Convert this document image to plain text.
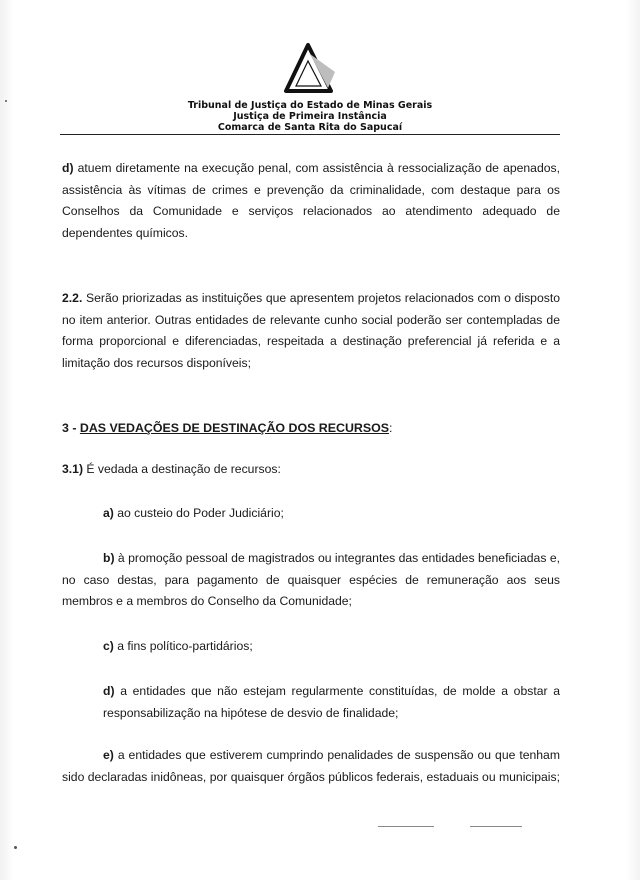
Tribunal de Justiça do Estado de Minas Gerais
Justiça de Primeira Instância
Comarca de Santa Rita do Sapucaí

d) atuem diretamente na execução penal, com assistência à ressocialização de apenados, assistência às vítimas de crimes e prevenção da criminalidade, com destaque para os Conselhos da Comunidade e serviços relacionados ao atendimento adequado de dependentes químicos.

2.2. Serão priorizadas as instituições que apresentem projetos relacionados com o disposto no item anterior. Outras entidades de relevante cunho social poderão ser contempladas de forma proporcional e diferenciadas, respeitada a destinação preferencial já referida e a limitação dos recursos disponíveis;

3 - DAS VEDAÇÕES DE DESTINAÇÃO DOS RECURSOS:

3.1) É vedada a destinação de recursos:

a) ao custeio do Poder Judiciário;

b) à promoção pessoal de magistrados ou integrantes das entidades beneficiadas e, no caso destas, para pagamento de quaisquer espécies de remuneração aos seus membros e a membros do Conselho da Comunidade;

c) a fins político-partidários;

d) a entidades que não estejam regularmente constituídas, de molde a obstar a responsabilização na hipótese de desvio de finalidade;

e) a entidades que estiverem cumprindo penalidades de suspensão ou que tenham sido declaradas inidôneas, por quaisquer órgãos públicos federais, estaduais ou municipais;
